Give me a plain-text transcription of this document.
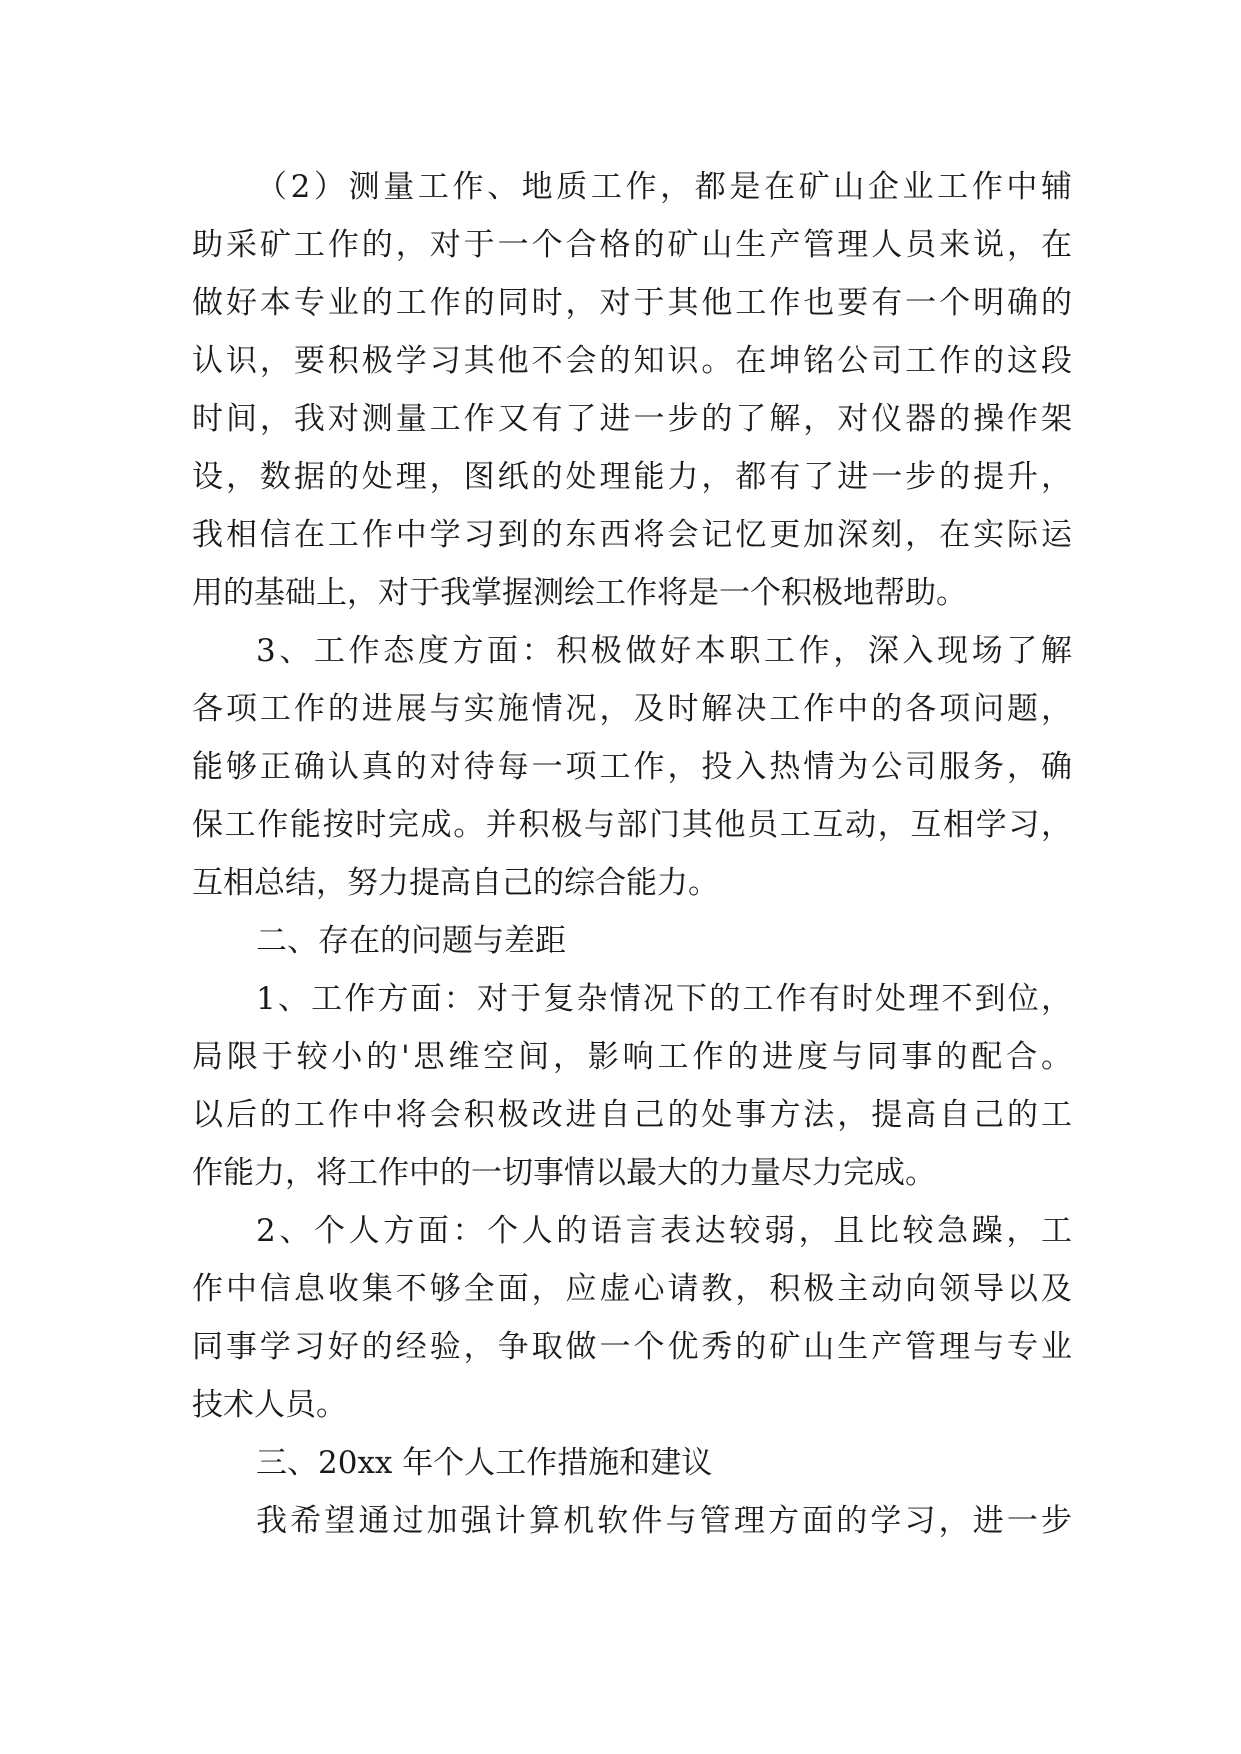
（2）测量工作、地质工作，都是在矿山企业工作中辅
助采矿工作的，对于一个合格的矿山生产管理人员来说，在
做好本专业的工作的同时，对于其他工作也要有一个明确的
认识，要积极学习其他不会的知识。在坤铭公司工作的这段
时间，我对测量工作又有了进一步的了解，对仪器的操作架
设，数据的处理，图纸的处理能力，都有了进一步的提升，
我相信在工作中学习到的东西将会记忆更加深刻，在实际运
用的基础上，对于我掌握测绘工作将是一个积极地帮助。
3、工作态度方面：积极做好本职工作，深入现场了解
各项工作的进展与实施情况，及时解决工作中的各项问题，
能够正确认真的对待每一项工作，投入热情为公司服务，确
保工作能按时完成。并积极与部门其他员工互动，互相学习，
互相总结，努力提高自己的综合能力。
二、存在的问题与差距
1、工作方面：对于复杂情况下的工作有时处理不到位，
局限于较小的'思维空间，影响工作的进度与同事的配合。
以后的工作中将会积极改进自己的处事方法，提高自己的工
作能力，将工作中的一切事情以最大的力量尽力完成。
2、个人方面：个人的语言表达较弱，且比较急躁，工
作中信息收集不够全面，应虚心请教，积极主动向领导以及
同事学习好的经验，争取做一个优秀的矿山生产管理与专业
技术人员。
三、20xx 年个人工作措施和建议
我希望通过加强计算机软件与管理方面的学习，进一步
